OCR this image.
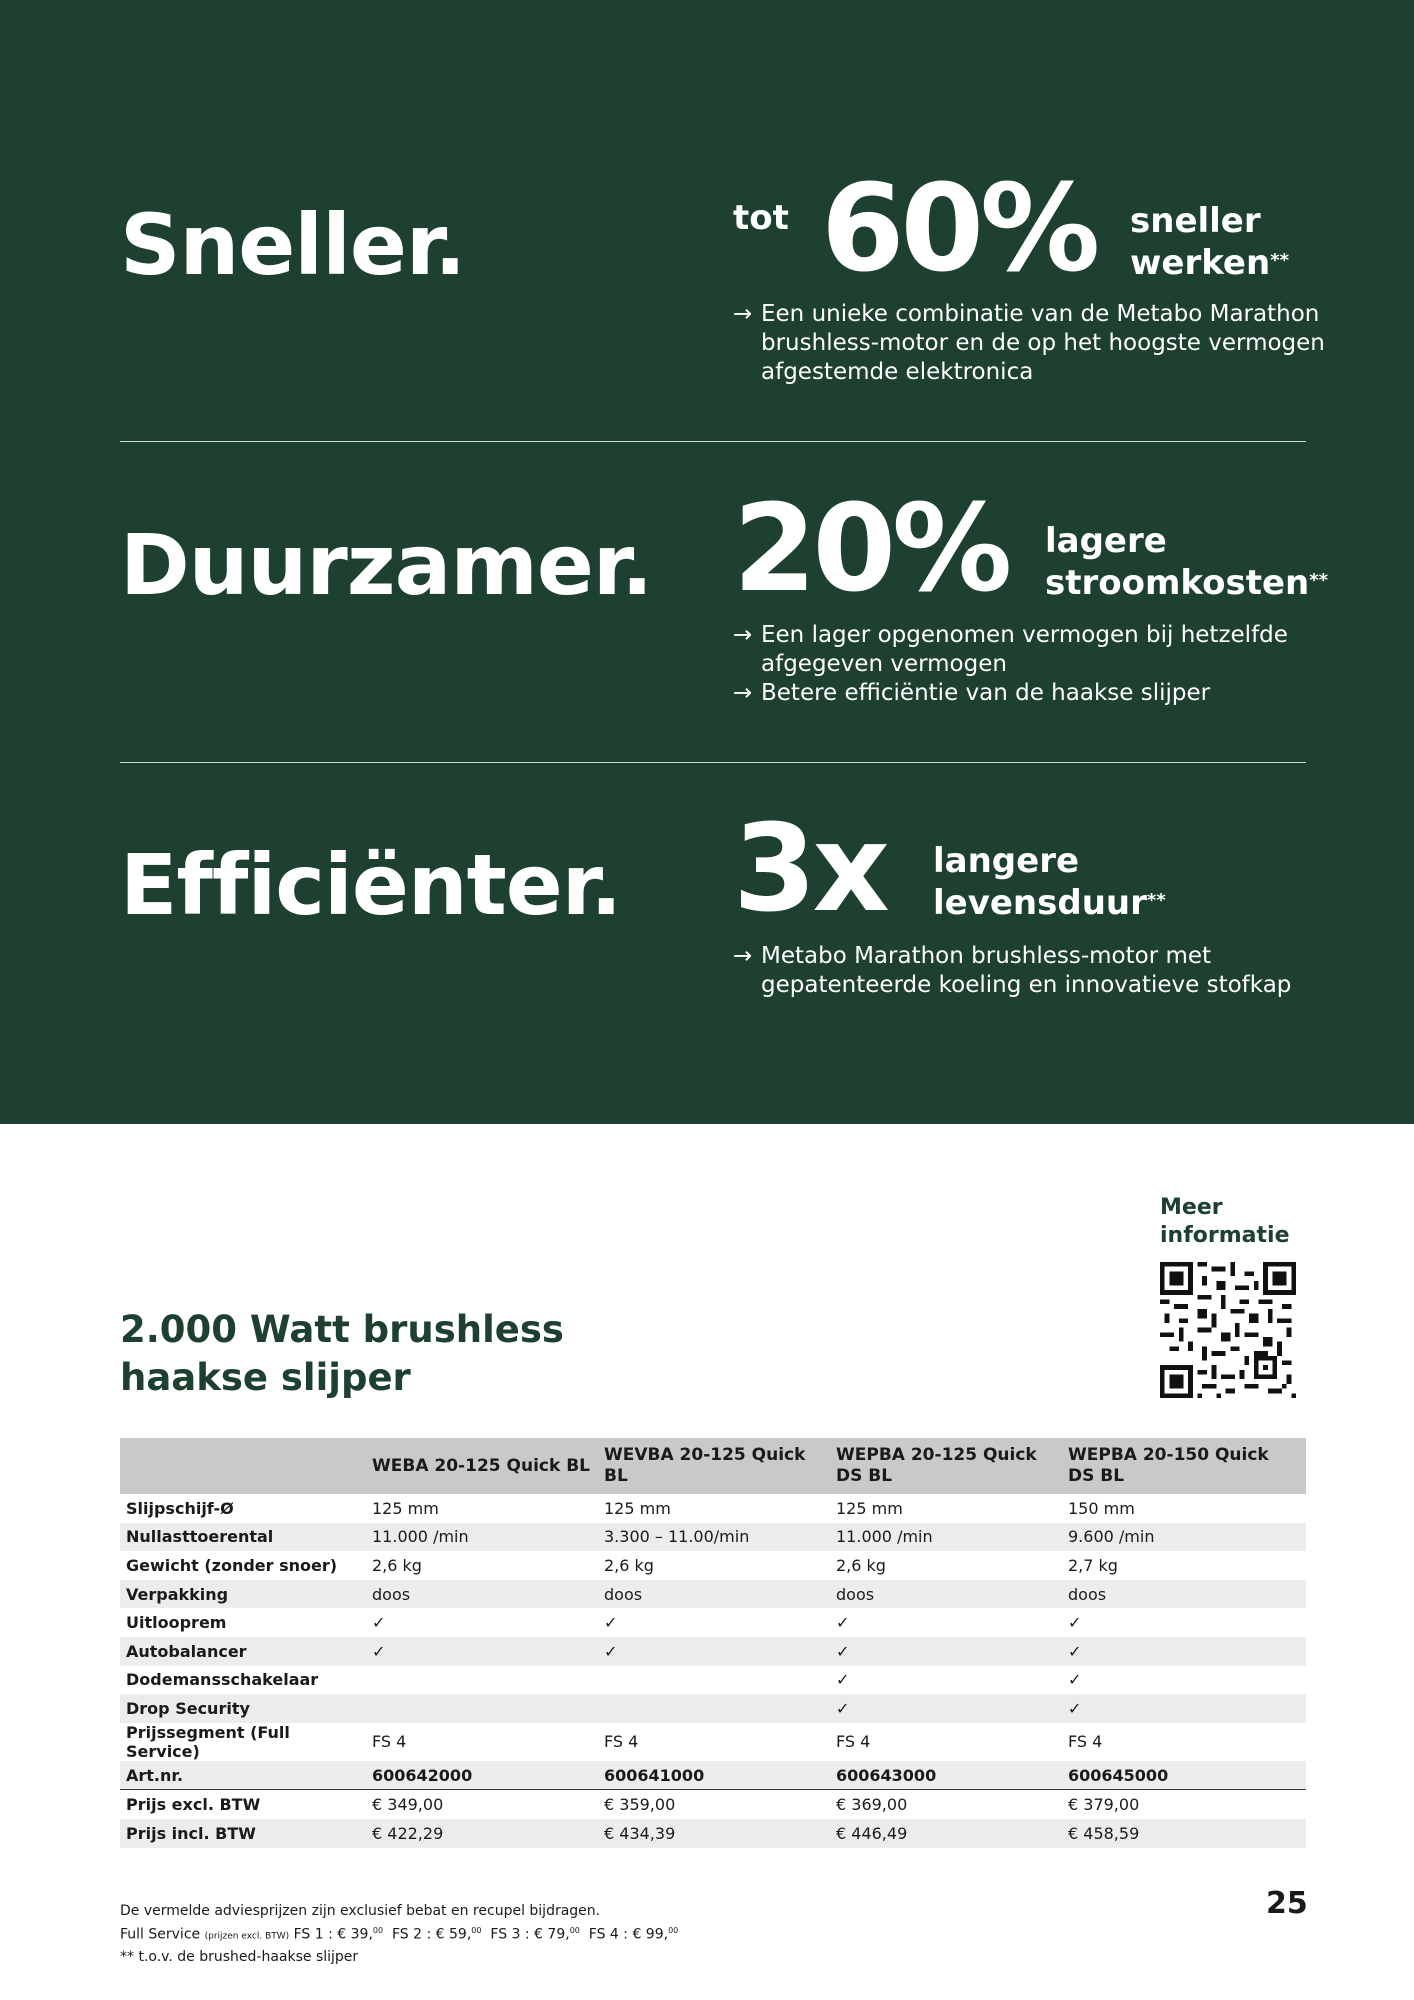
Sneller.	tot 60% sneller
werken**
→ Een unieke combinatie van de Metabo Marathon brushless-motor en de op het hoogste vermogen afgestemde elektronica
Duurzamer. 20% lagere
stroomkosten**
→ Een lager opgenomen vermogen bij hetzelfde afgegeven vermogen
→ Betere efficiëntie van de haakse slijper
Efficiënter. 3x langere
levensduur**
→ Metabo Marathon brushless-motor met gepatenteerde koeling en innovatieve stofkap
Meer
informatie
2.000 Watt brushless
haakse slijper
	WEBA 20-125 Quick BL	WEVBA 20-125 Quick BL	WEPBA 20-125 Quick DS BL	WEPBA 20-150 Quick DS BL
Slijpschijf-Ø	125 mm	125 mm	125 mm	150 mm
Nullasttoerental	11.000 /min	3.300 – 11.00/min	11.000 /min	9.600 /min
Gewicht (zonder snoer)	2,6 kg	2,6 kg	2,6 kg	2,7 kg
Verpakking	doos	doos	doos	doos
Uitlooprem	✓	✓	✓	✓
Autobalancer	✓	✓	✓	✓
Dodemansschakelaar			✓	✓
Drop Security			✓	✓
Prijssegment (Full Service)	FS 4	FS 4	FS 4	FS 4
Art.nr.	600642000	600641000	600643000	600645000
Prijs excl. BTW	€ 349,00	€ 359,00	€ 369,00	€ 379,00
Prijs incl. BTW	€ 422,29	€ 434,39	€ 446,49	€ 458,59
De vermelde adviesprijzen zijn exclusief bebat en recupel bijdragen.
Full Service (prijzen excl. BTW) FS 1 : € 39,00 FS 2 : € 59,00 FS 3 : € 79,00 FS 4 : € 99,00
** t.o.v. de brushed-haakse slijper
25
